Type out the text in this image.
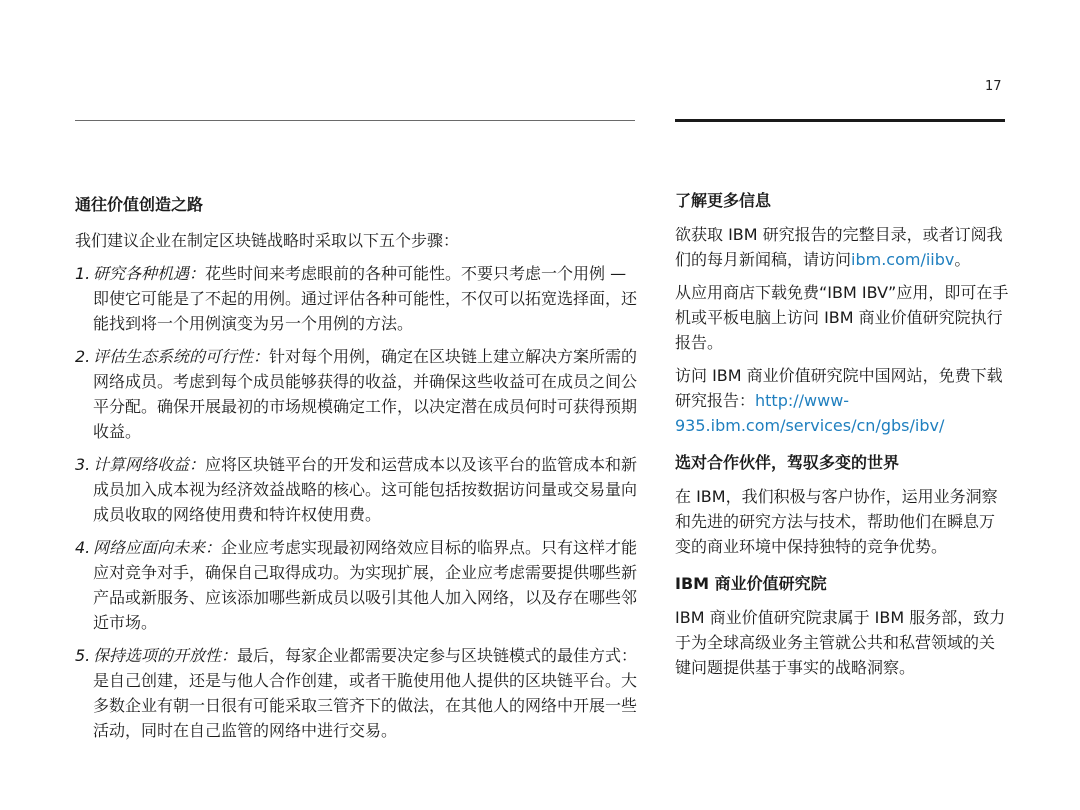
17
通往价值创造之路

我们建议企业在制定区块链战略时采取以下五个步骤：

1. 研究各种机遇：花些时间来考虑眼前的各种可能性。不要只考虑一个用例 — 即使它可能是了不起的用例。通过评估各种可能性，不仅可以拓宽选择面，还能找到将一个用例演变为另一个用例的方法。
2. 评估生态系统的可行性：针对每个用例，确定在区块链上建立解决方案所需的网络成员。考虑到每个成员能够获得的收益，并确保这些收益可在成员之间公平分配。确保开展最初的市场规模确定工作，以决定潜在成员何时可获得预期收益。
3. 计算网络收益：应将区块链平台的开发和运营成本以及该平台的监管成本和新成员加入成本视为经济效益战略的核心。这可能包括按数据访问量或交易量向成员收取的网络使用费和特许权使用费。
4. 网络应面向未来：企业应考虑实现最初网络效应目标的临界点。只有这样才能应对竞争对手，确保自己取得成功。为实现扩展，企业应考虑需要提供哪些新产品或新服务、应该添加哪些新成员以吸引其他人加入网络，以及存在哪些邻近市场。
5. 保持选项的开放性：最后，每家企业都需要决定参与区块链模式的最佳方式：是自己创建，还是与他人合作创建，或者干脆使用他人提供的区块链平台。大多数企业有朝一日很有可能采取三管齐下的做法，在其他人的网络中开展一些活动，同时在自己监管的网络中进行交易。
了解更多信息

欲获取 IBM 研究报告的完整目录，或者订阅我们的每月新闻稿，请访问ibm.com/iibv。

从应用商店下载免费“IBM IBV”应用，即可在手机或平板电脑上访问 IBM 商业价值研究院执行报告。

访问 IBM 商业价值研究院中国网站，免费下载研究报告：http://www-935.ibm.com/services/cn/gbs/ibv/

选对合作伙伴，驾驭多变的世界

在 IBM，我们积极与客户协作，运用业务洞察和先进的研究方法与技术，帮助他们在瞬息万变的商业环境中保持独特的竞争优势。

IBM 商业价值研究院

IBM 商业价值研究院隶属于 IBM 服务部，致力于为全球高级业务主管就公共和私营领域的关键问题提供基于事实的战略洞察。
